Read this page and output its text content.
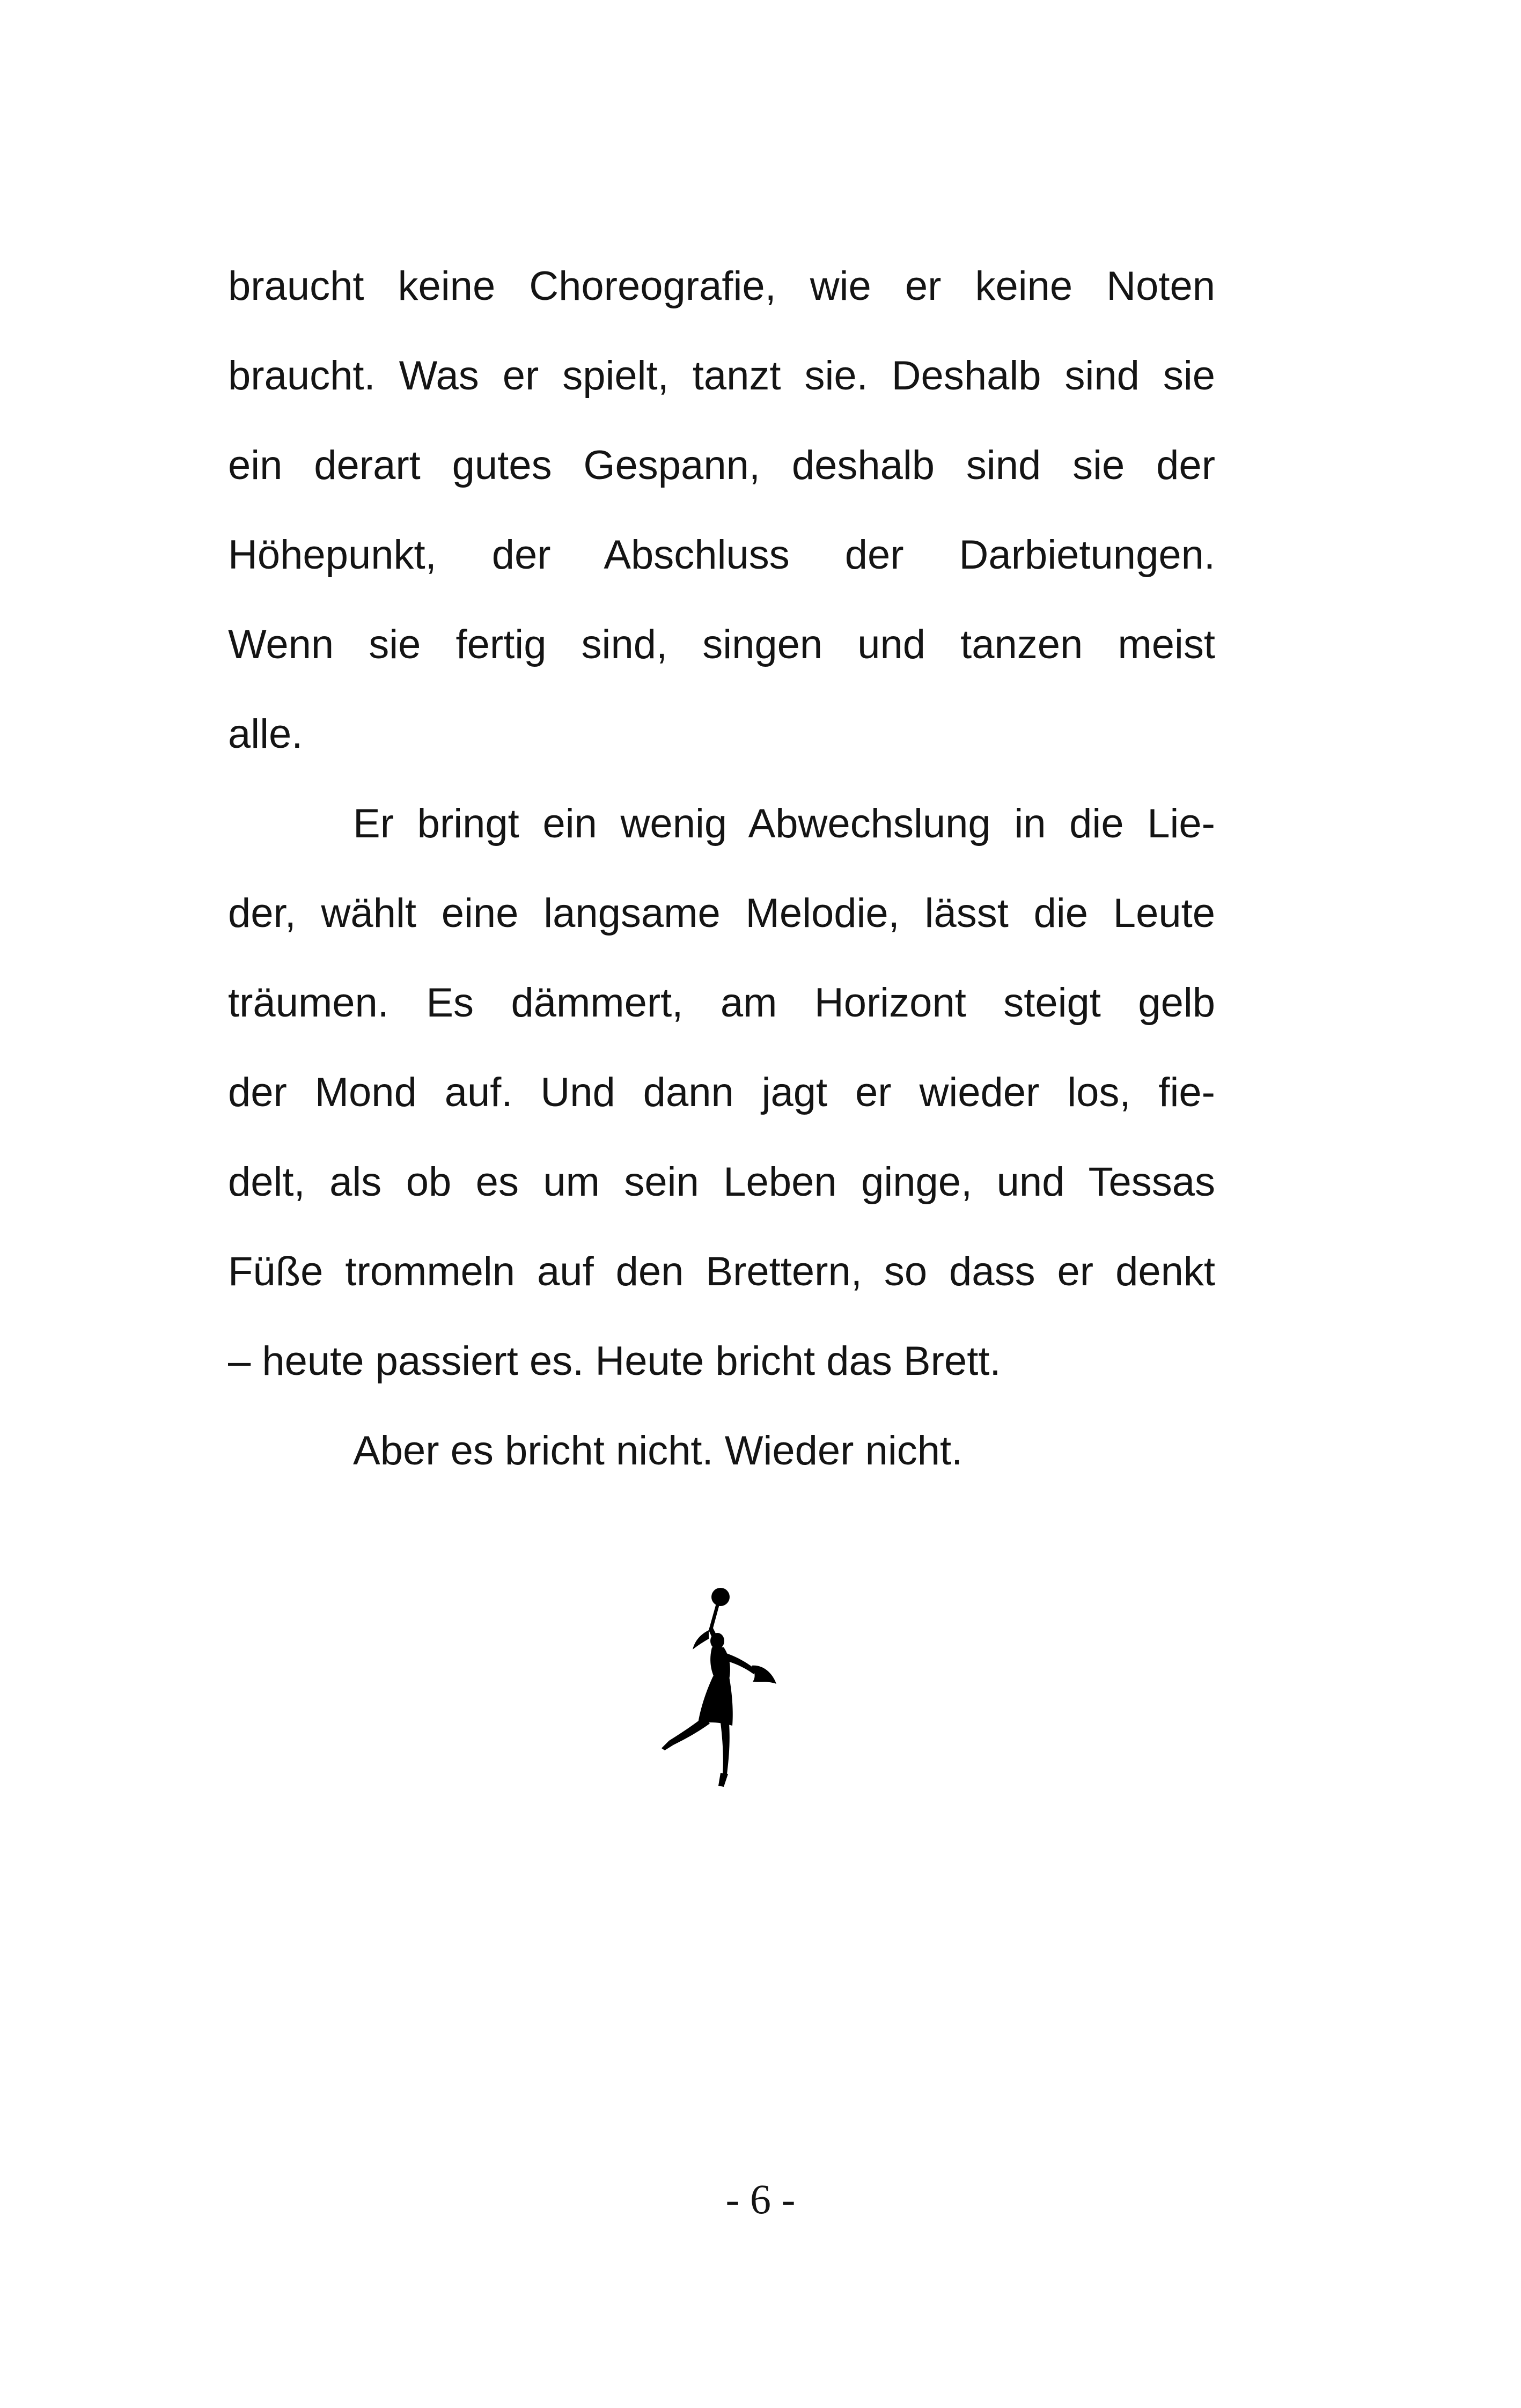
braucht keine Choreografie, wie er keine Noten
braucht. Was er spielt, tanzt sie. Deshalb sind sie
ein derart gutes Gespann, deshalb sind sie der
Höhepunkt, der Abschluss der Darbietungen.
Wenn sie fertig sind, singen und tanzen meist
alle.
Er bringt ein wenig Abwechslung in die Lie-
der, wählt eine langsame Melodie, lässt die Leute
träumen. Es dämmert, am Horizont steigt gelb
der Mond auf. Und dann jagt er wieder los, fie-
delt, als ob es um sein Leben ginge, und Tessas
Füße trommeln auf den Brettern, so dass er denkt
– heute passiert es. Heute bricht das Brett.
Aber es bricht nicht. Wieder nicht.
- 6 -
